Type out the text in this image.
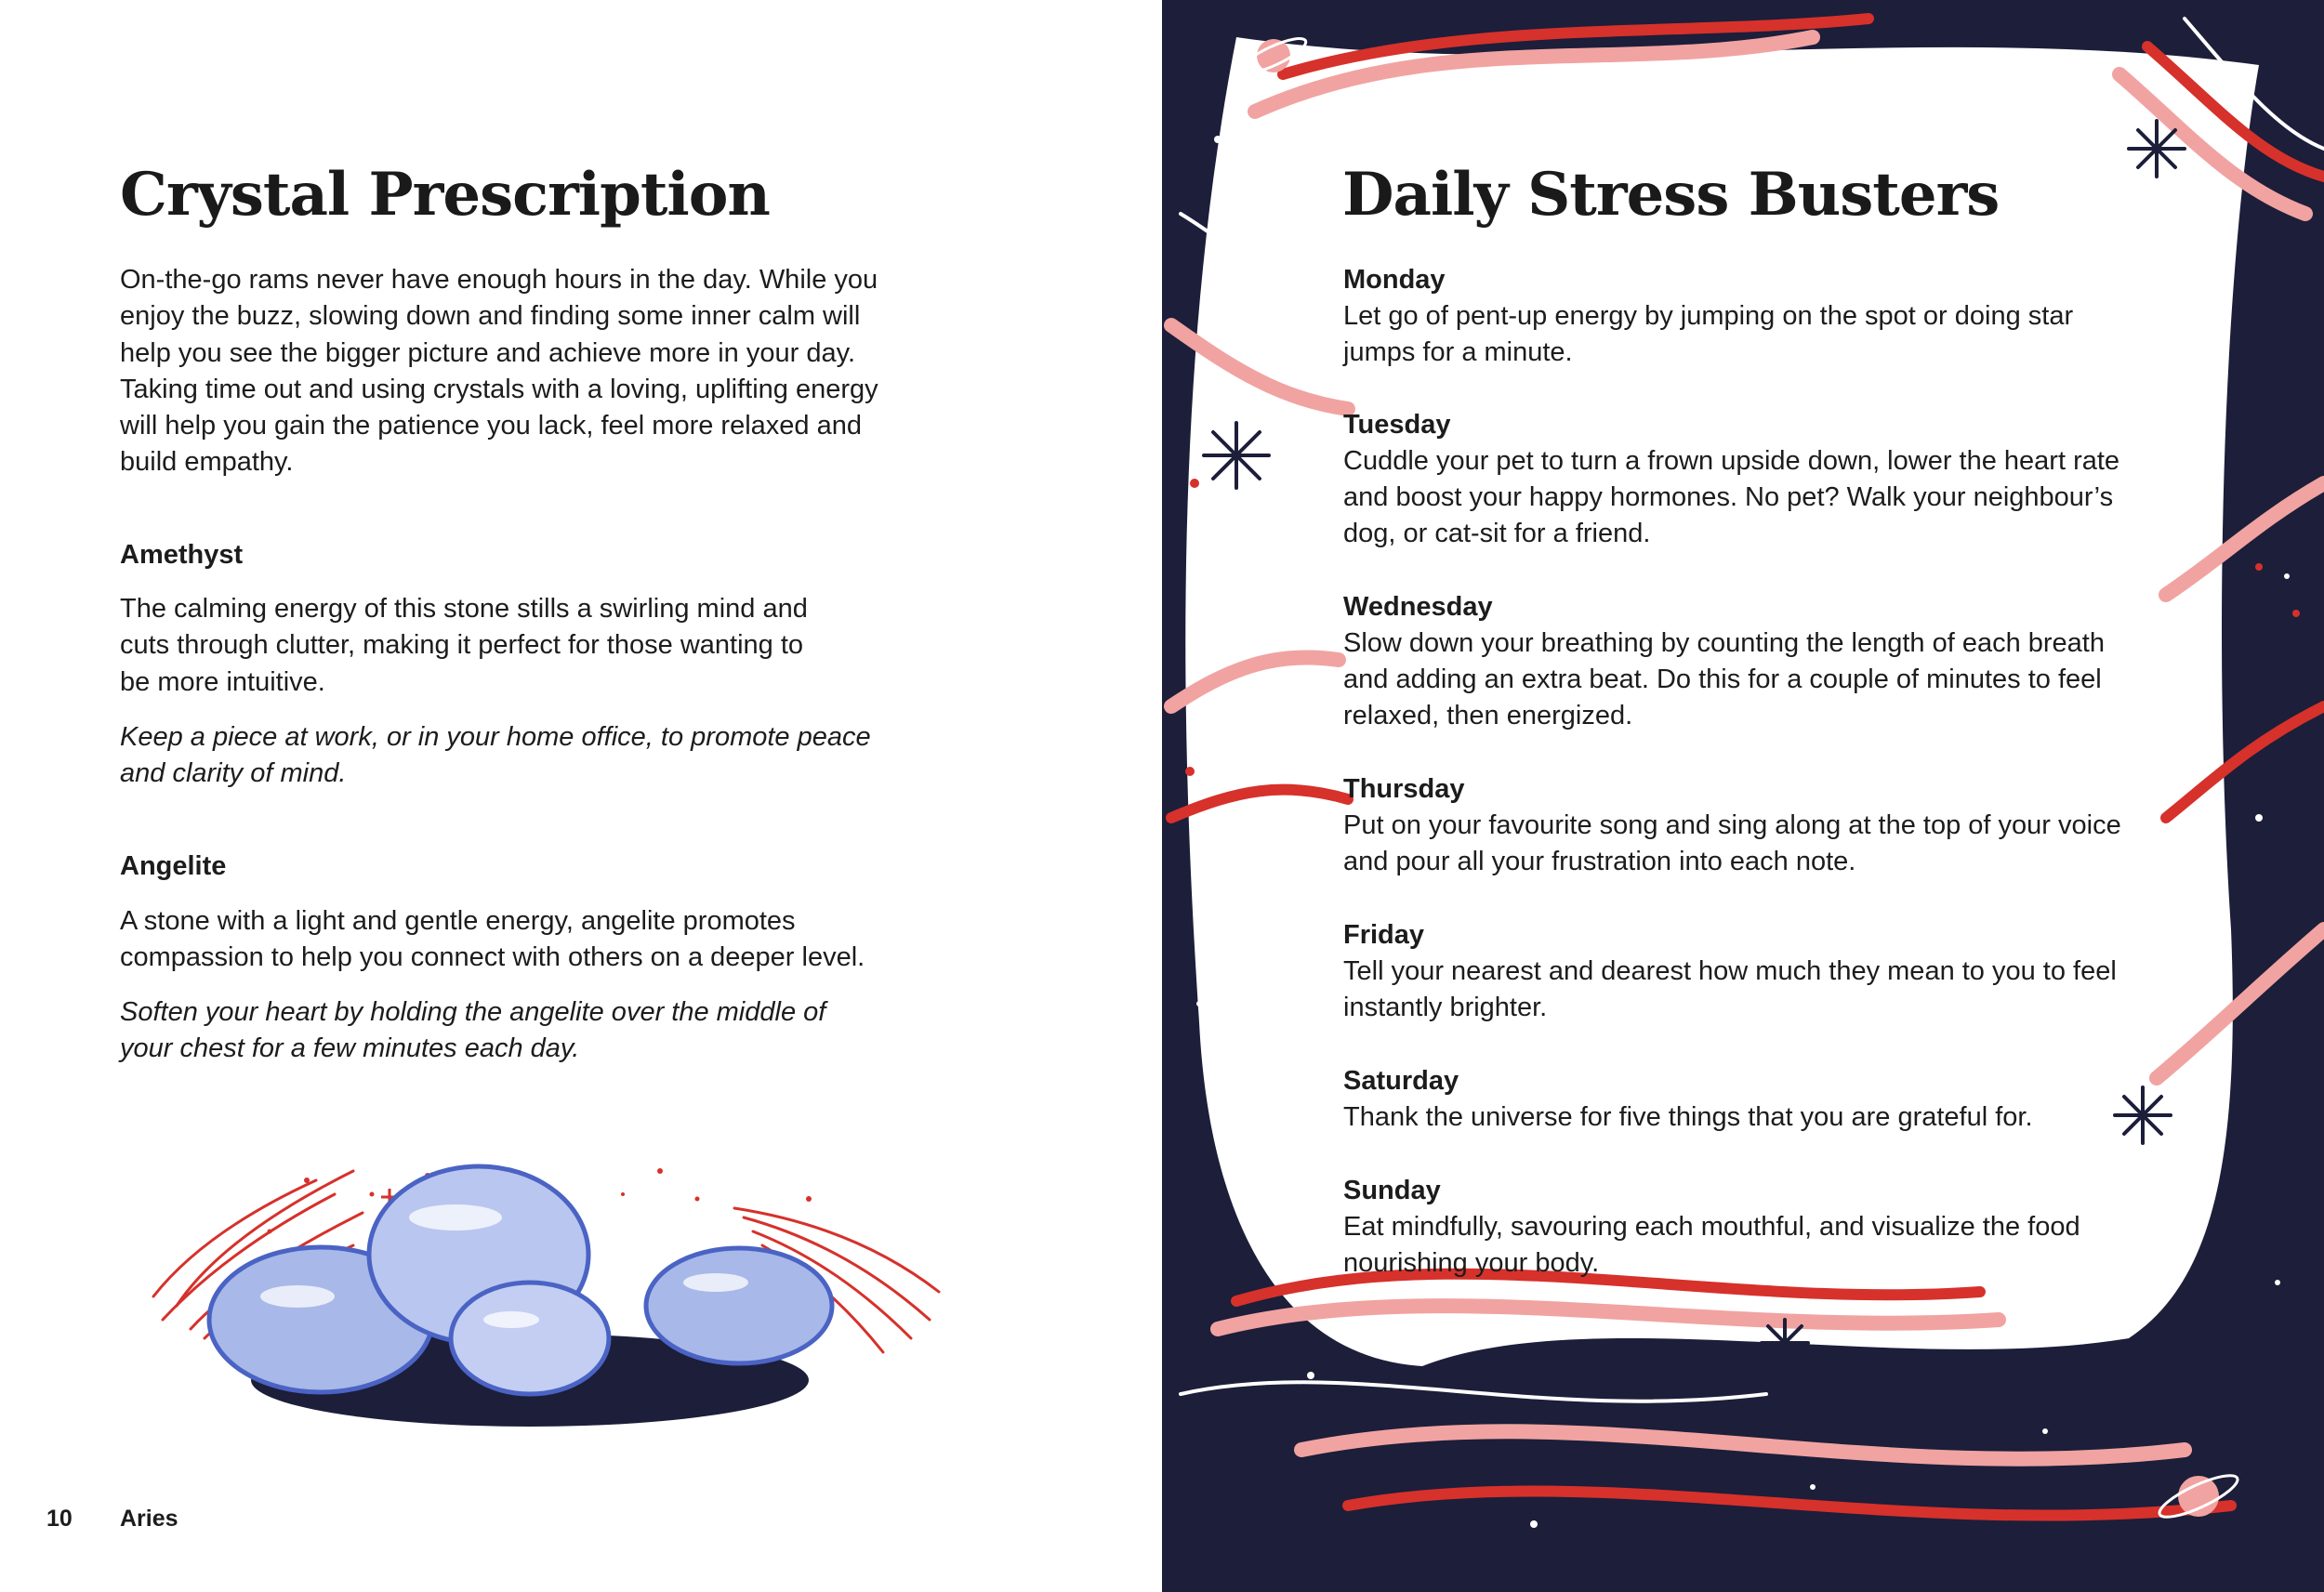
Crystal Prescription

On-the-go rams never have enough hours in the day. While you
enjoy the buzz, slowing down and finding some inner calm will
help you see the bigger picture and achieve more in your day.
Taking time out and using crystals with a loving, uplifting energy
will help you gain the patience you lack, feel more relaxed and
build empathy.

Amethyst

The calming energy of this stone stills a swirling mind and
cuts through clutter, making it perfect for those wanting to
be more intuitive.

Keep a piece at work, or in your home office, to promote peace
and clarity of mind.

Angelite

A stone with a light and gentle energy, angelite promotes
compassion to help you connect with others on a deeper level.

Soften your heart by holding the angelite over the middle of
your chest for a few minutes each day.

10 Aries
Daily Stress Busters

Monday

Let go of pent-up energy by jumping on the spot or doing star
jumps for a minute.

Tuesday

Cuddle your pet to turn a frown upside down, lower the heart rate
and boost your happy hormones. No pet? Walk your neighbour’s
dog, or cat-sit for a friend.

Wednesday

Slow down your breathing by counting the length of each breath
and adding an extra beat. Do this for a couple of minutes to feel
relaxed, then energized.

Thursday

Put on your favourite song and sing along at the top of your voice
and pour all your frustration into each note.

Friday

Tell your nearest and dearest how much they mean to you to feel
instantly brighter.

Saturday

Thank the universe for five things that you are grateful for.

Sunday

Eat mindfully, savouring each mouthful, and visualize the food
nourishing your body.
